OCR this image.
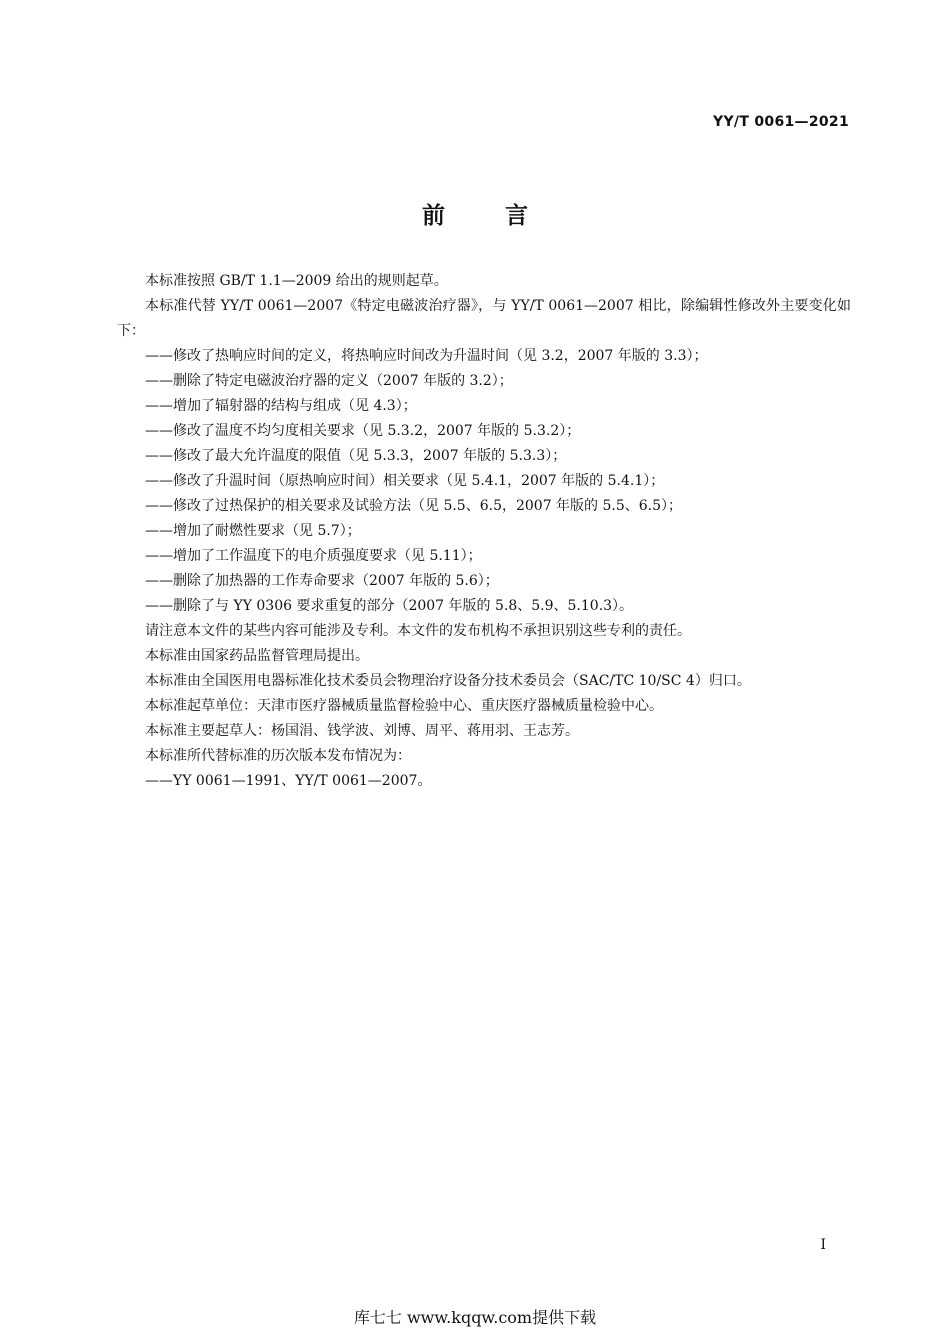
YY/T 0061—2021
前	言

本标准按照 GB/T 1.1—2009 给出的规则起草。

本标准代替 YY/T 0061—2007《特定电磁波治疗器》，与 YY/T 0061—2007 相比，除编辑性修改外主要变化如下：

——修改了热响应时间的定义，将热响应时间改为升温时间（见 3.2，2007 年版的 3.3）；

——删除了特定电磁波治疗器的定义（2007 年版的 3.2）；

——增加了辐射器的结构与组成（见 4.3）；

——修改了温度不均匀度相关要求（见 5.3.2，2007 年版的 5.3.2）；

——修改了最大允许温度的限值（见 5.3.3，2007 年版的 5.3.3）；

——修改了升温时间（原热响应时间）相关要求（见 5.4.1，2007 年版的 5.4.1）；

——修改了过热保护的相关要求及试验方法（见 5.5、6.5，2007 年版的 5.5、6.5）；

——增加了耐燃性要求（见 5.7）；

——增加了工作温度下的电介质强度要求（见 5.11）；

——删除了加热器的工作寿命要求（2007 年版的 5.6）；

——删除了与 YY 0306 要求重复的部分（2007 年版的 5.8、5.9、5.10.3）。

请注意本文件的某些内容可能涉及专利。本文件的发布机构不承担识别这些专利的责任。

本标准由国家药品监督管理局提出。

本标准由全国医用电器标准化技术委员会物理治疗设备分技术委员会（SAC/TC 10/SC 4）归口。

本标准起草单位：天津市医疗器械质量监督检验中心、重庆医疗器械质量检验中心。

本标准主要起草人：杨国涓、钱学波、刘博、周平、蒋用羽、王志芳。

本标准所代替标准的历次版本发布情况为：

——YY 0061—1991、YY/T 0061—2007。

I
库七七 www.kqqw.com提供下载
